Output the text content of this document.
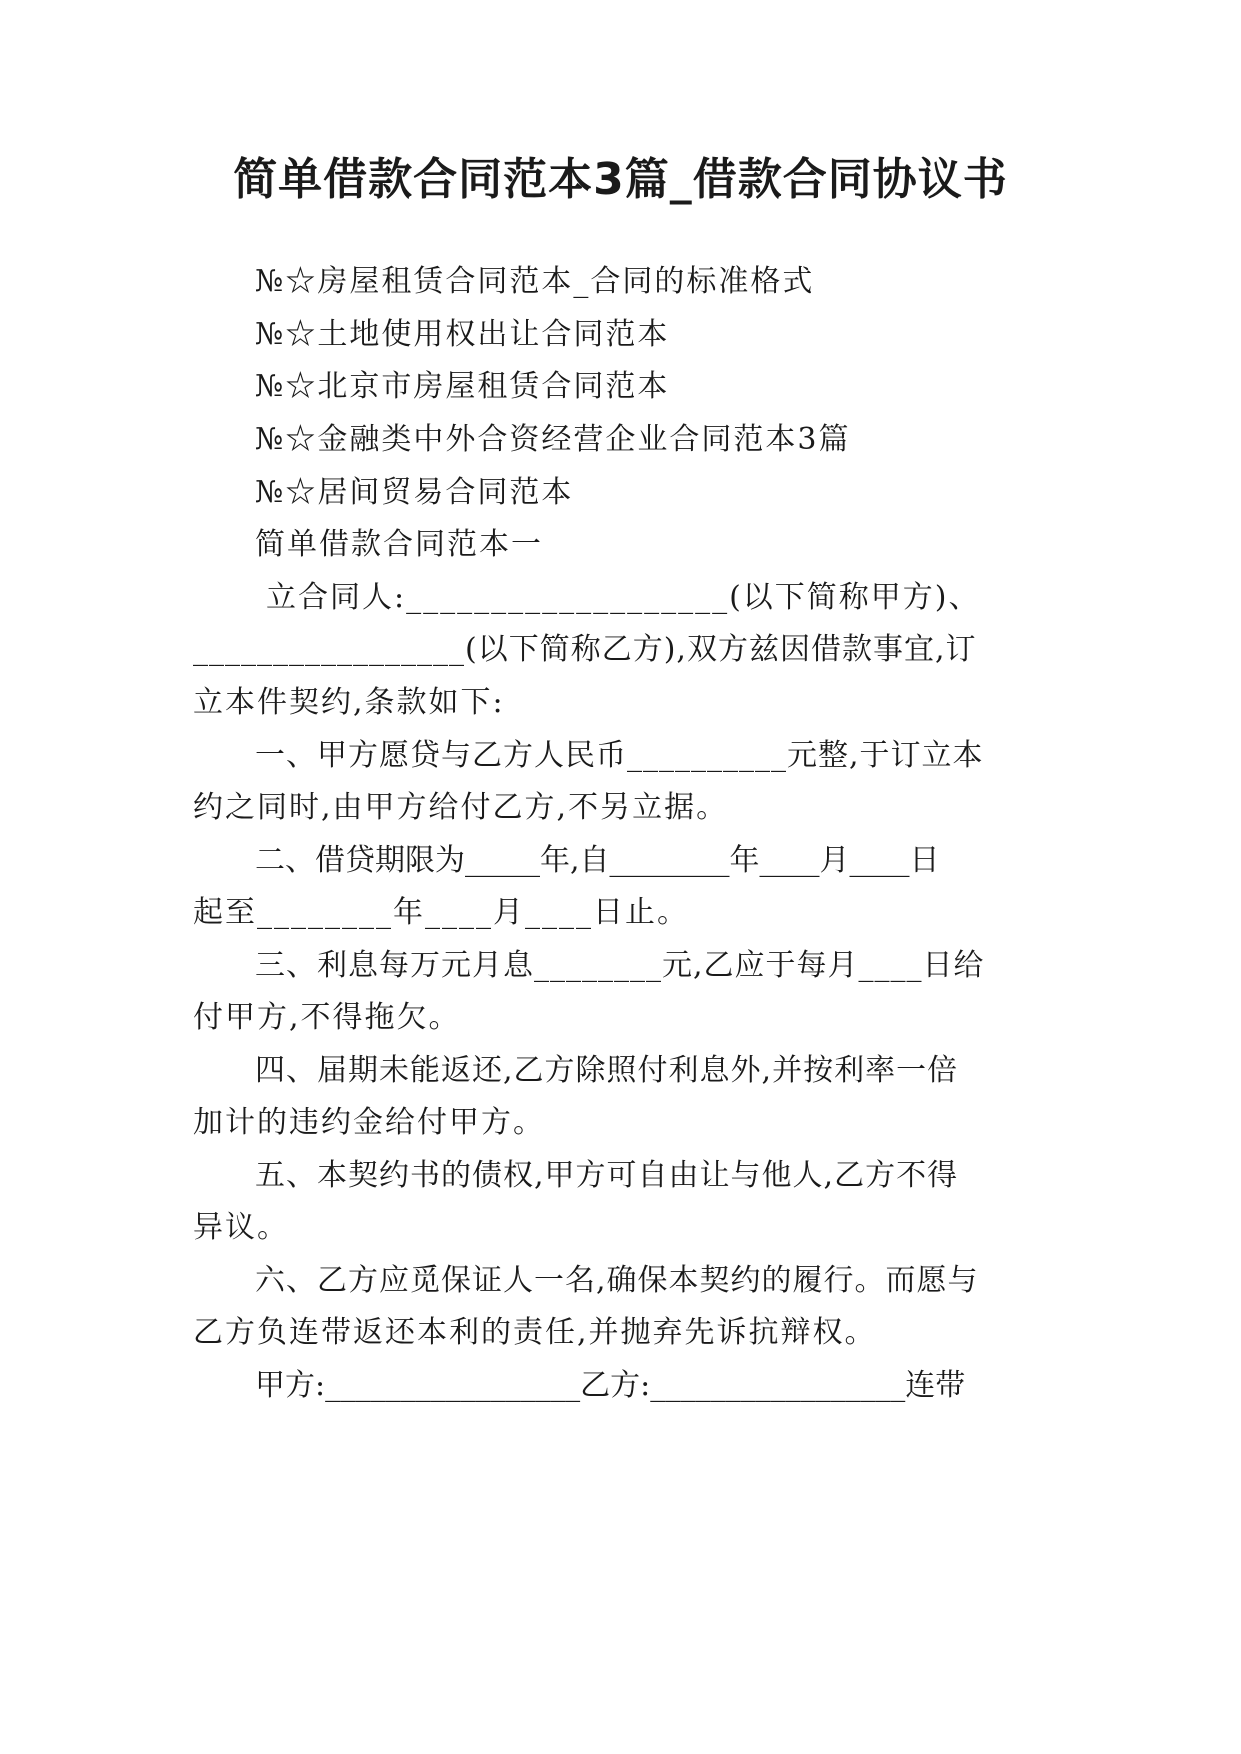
简单借款合同范本3篇_借款合同协议书
№☆房屋租赁合同范本_合同的标准格式
№☆土地使用权出让合同范本
№☆北京市房屋租赁合同范本
№☆金融类中外合资经营企业合同范本3篇
№☆居间贸易合同范本
简单借款合同范本一
立合同人:___________________(以下简称甲方)、
_________________(以下简称乙方),双方兹因借款事宜,订
立本件契约,条款如下:
一、甲方愿贷与乙方人民币__________元整,于订立本
约之同时,由甲方给付乙方,不另立据。
二、借贷期限为_____年,自________年____月____日
起至________年____月____日止。
三、利息每万元月息________元,乙应于每月____日给
付甲方,不得拖欠。
四、届期未能返还,乙方除照付利息外,并按利率一倍
加计的违约金给付甲方。
五、本契约书的债权,甲方可自由让与他人,乙方不得
异议。
六、乙方应觅保证人一名,确保本契约的履行。而愿与
乙方负连带返还本利的责任,并抛弃先诉抗辩权。
甲方:_________________乙方:_________________连带
